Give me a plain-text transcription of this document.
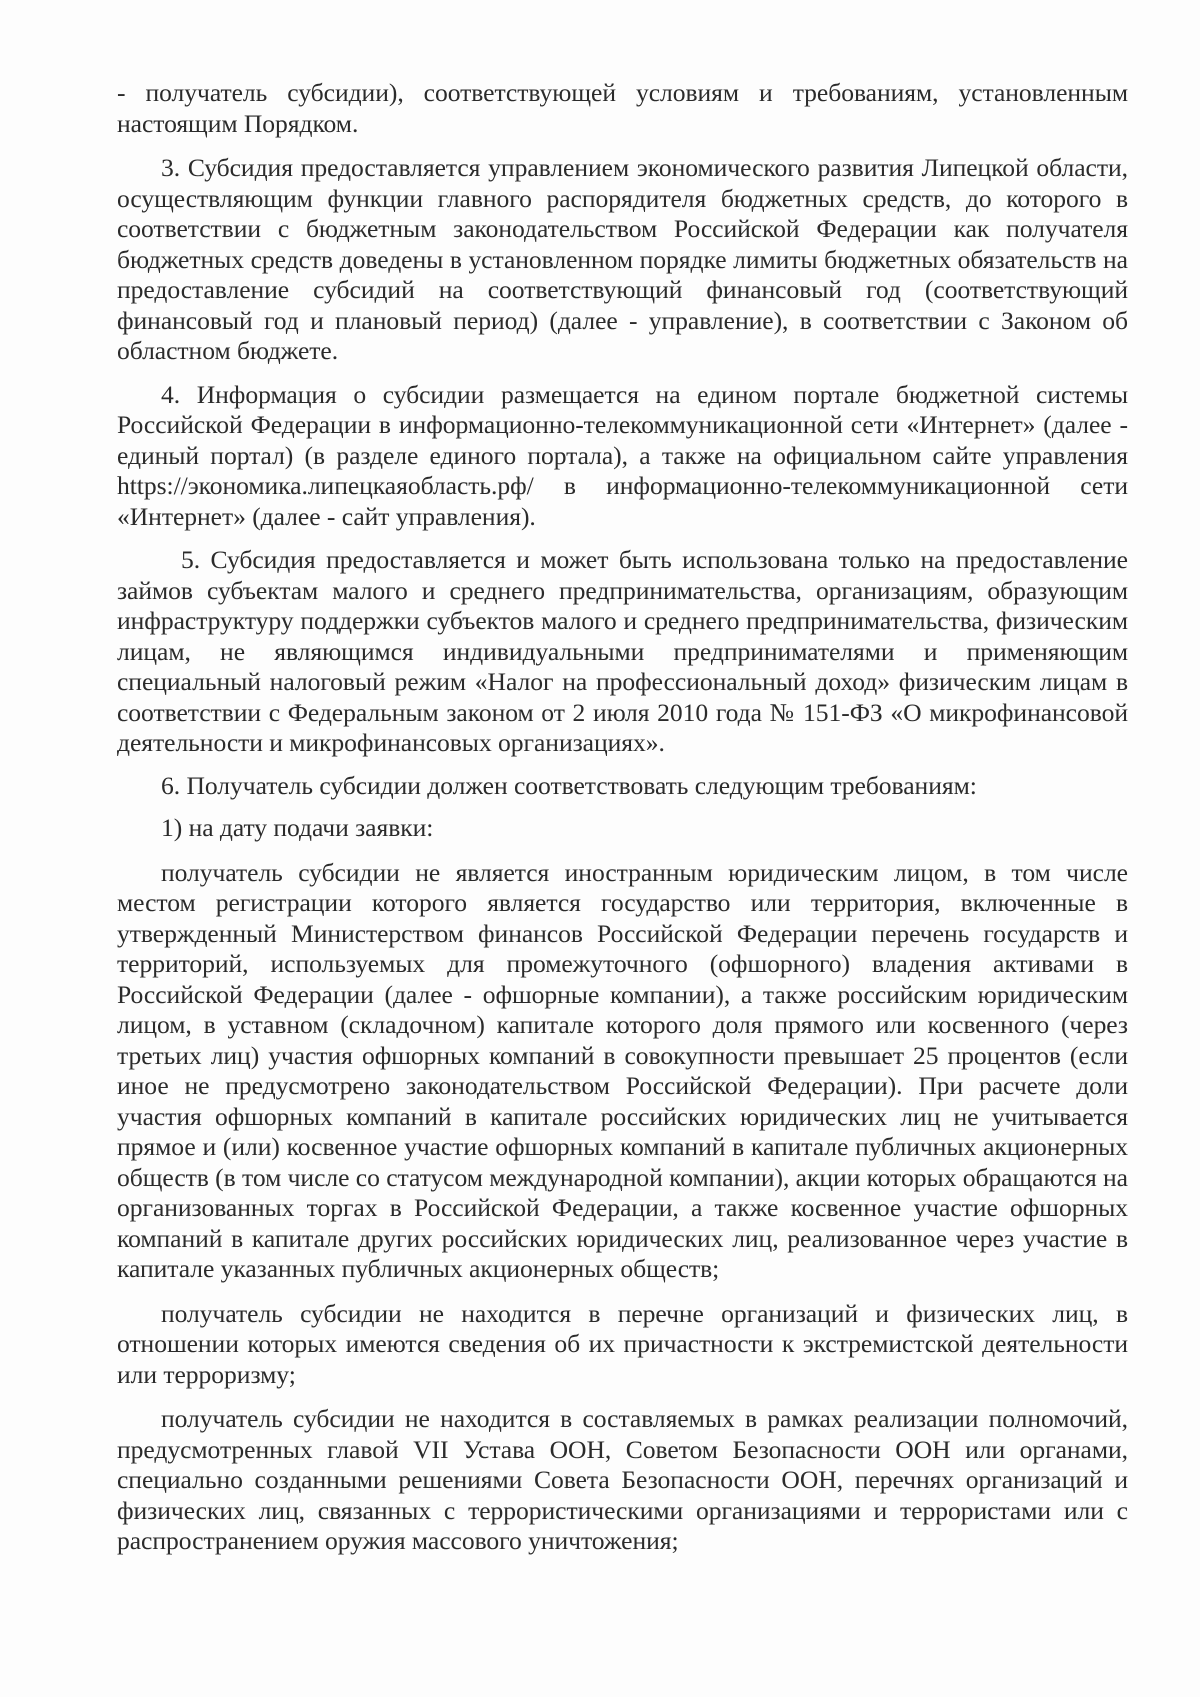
- получатель субсидии), соответствующей условиям и требованиям, установленным настоящим Порядком.

3. Субсидия предоставляется управлением экономического развития Липецкой области, осуществляющим функции главного распорядителя бюджетных средств, до которого в соответствии с бюджетным законодательством Российской Федерации как получателя бюджетных средств доведены в установленном порядке лимиты бюджетных обязательств на предоставление субсидий на соответствующий финансовый год (соответствующий финансовый год и плановый период) (далее - управление), в соответствии с Законом об областном бюджете.

4. Информация о субсидии размещается на едином портале бюджетной системы Российской Федерации в информационно-телекоммуникационной сети «Интернет» (далее - единый портал) (в разделе единого портала), а также на официальном сайте управления https://экономика.липецкаяобласть.рф/ в информационно-телекоммуникационной сети «Интернет» (далее - сайт управления).

5. Субсидия предоставляется и может быть использована только на предоставление займов субъектам малого и среднего предпринимательства, организациям, образующим инфраструктуру поддержки субъектов малого и среднего предпринимательства, физическим лицам, не являющимся индивидуальными предпринимателями и применяющим специальный налоговый режим «Налог на профессиональный доход» физическим лицам в соответствии с Федеральным законом от 2 июля 2010 года № 151-ФЗ «О микрофинансовой деятельности и микрофинансовых организациях».

6. Получатель субсидии должен соответствовать следующим требованиям:

1) на дату подачи заявки:

получатель субсидии не является иностранным юридическим лицом, в том числе местом регистрации которого является государство или территория, включенные в утвержденный Министерством финансов Российской Федерации перечень государств и территорий, используемых для промежуточного (офшорного) владения активами в Российской Федерации (далее - офшорные компании), а также российским юридическим лицом, в уставном (складочном) капитале которого доля прямого или косвенного (через третьих лиц) участия офшорных компаний в совокупности превышает 25 процентов (если иное не предусмотрено законодательством Российской Федерации). При расчете доли участия офшорных компаний в капитале российских юридических лиц не учитывается прямое и (или) косвенное участие офшорных компаний в капитале публичных акционерных обществ (в том числе со статусом международной компании), акции которых обращаются на организованных торгах в Российской Федерации, а также косвенное участие офшорных компаний в капитале других российских юридических лиц, реализованное через участие в капитале указанных публичных акционерных обществ;

получатель субсидии не находится в перечне организаций и физических лиц, в отношении которых имеются сведения об их причастности к экстремистской деятельности или терроризму;

получатель субсидии не находится в составляемых в рамках реализации полномочий, предусмотренных главой VII Устава ООН, Советом Безопасности ООН или органами, специально созданными решениями Совета Безопасности ООН, перечнях организаций и физических лиц, связанных с террористическими организациями и террористами или с распространением оружия массового уничтожения;
